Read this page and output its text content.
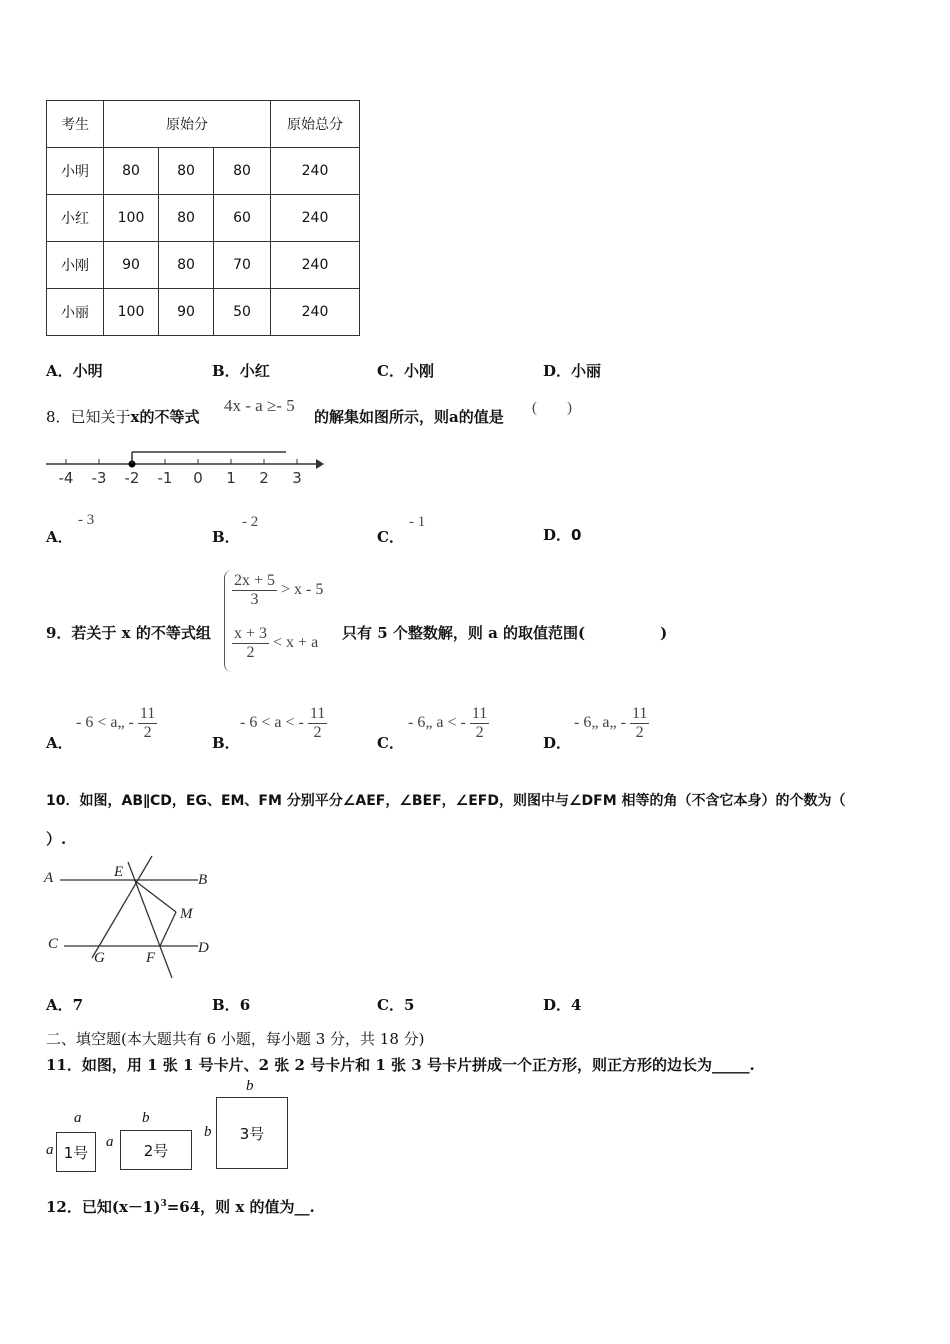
考生	原始分			原始总分
小明	80	80	80	240
小红	100	80	60	240
小刚	90	80	70	240
小丽	100	90	50	240
A．小明	B．小红	C．小刚	D．小丽
8．已知关于x的不等式
4x - a ≥- 5
的解集如图所示，则a的值是 (　　)
-4 -3 -2 -1 0 1 2 3
A．
- 3
B．
- 2
C．
- 1
D．0
9．若关于 x 的不等式组
$\frac{2x + 5}{3} > x - 5$
$\frac{x + 3}{2} < x + a$
只有 5 个整数解，则 a 的取值范围(　　　　　)
A．
- 6 < a„ - $\frac{11}{2}$
B．
- 6 < a < - $\frac{11}{2}$
C．
- 6„ a < - $\frac{11}{2}$
D．
- 6„ a„ - $\frac{11}{2}$
10．如图，AB∥CD，EG、EM、FM 分别平分∠AEF，∠BEF，∠EFD，则图中与∠DFM 相等的角（不含它本身）的个数为（
）.
A	E	B
M
C
G	F
D
A．7	B．6	C．5	D．4
二、填空题(本大题共有 6 小题，每小题 3 分，共 18 分)
11．如图，用 1 张 1 号卡片、2 张 2 号卡片和 1 张 3 号卡片拼成一个正方形，则正方形的边长为_____.
a
a 1号
b
a	2号
b
b	3号
12．已知$(x-1)^3=64$，则 x 的值为__.
